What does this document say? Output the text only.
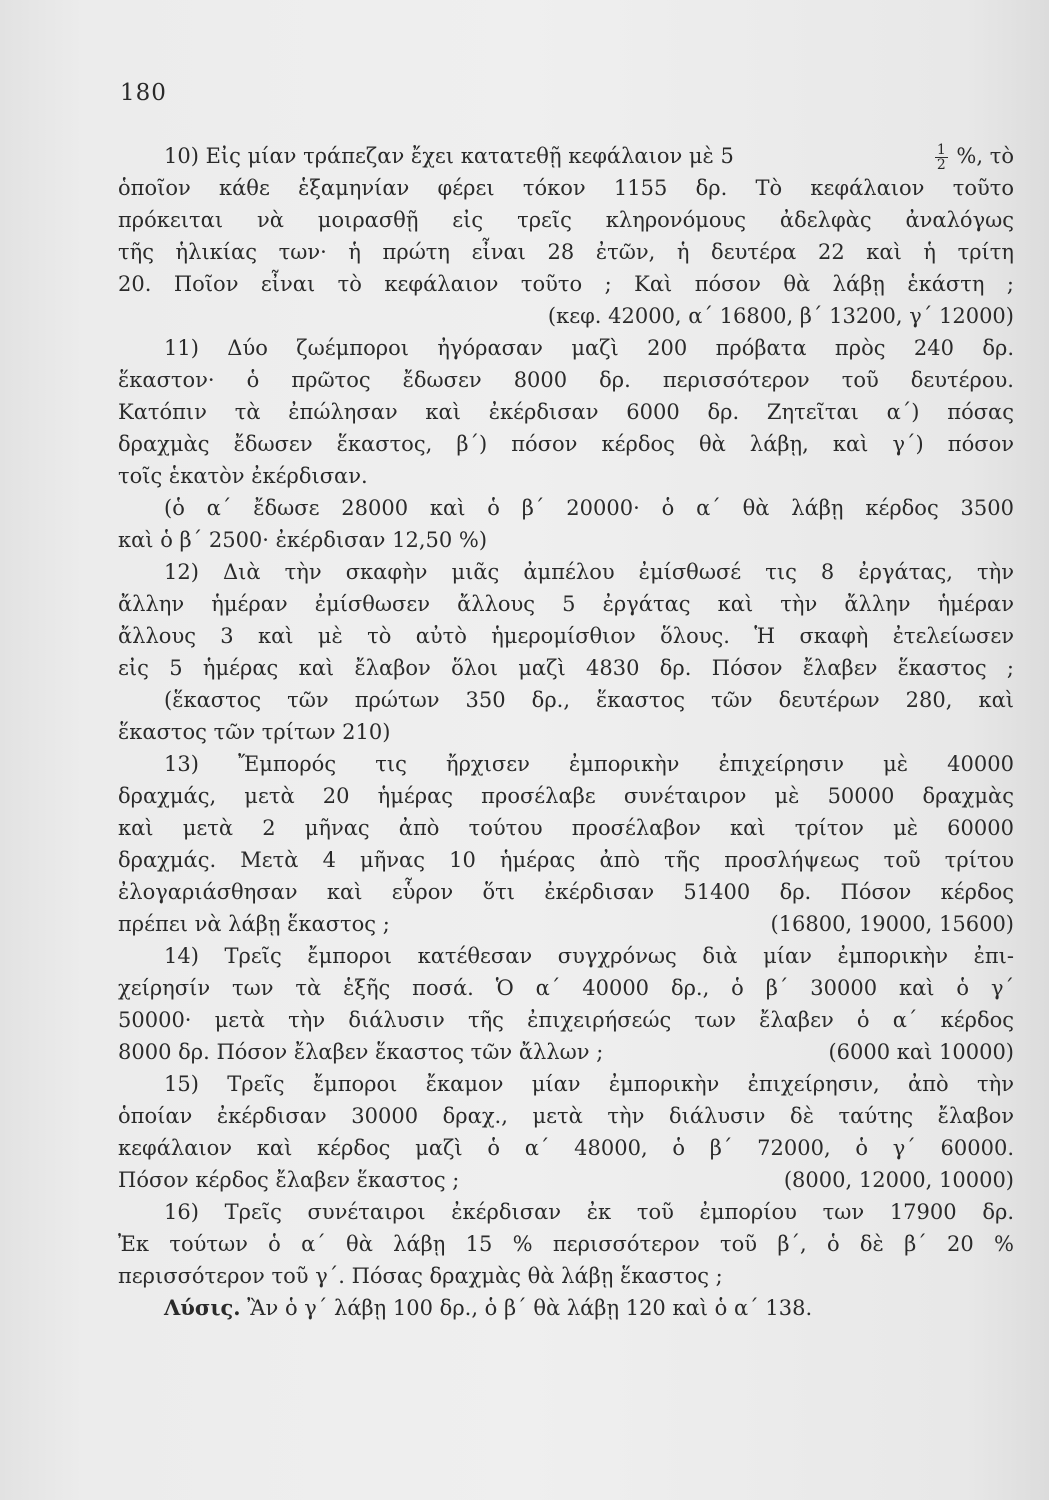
180
10) Εἰς μίαν τράπεζαν ἔχει κατατεθῇ κεφάλαιον μὲ 5	$\frac{1}{2}$ %, τὸ
ὁποῖον κάθε ἑξαμηνίαν φέρει τόκον 1155 δρ. Τὸ κεφάλαιον τοῦτο
πρόκειται νὰ μοιρασθῇ εἰς τρεῖς κληρονόμους ἀδελφὰς ἀναλόγως
τῆς ἡλικίας των· ἡ πρώτη εἶναι 28 ἐτῶν, ἡ δευτέρα 22 καὶ ἡ τρίτη
20. Ποῖον εἶναι τὸ κεφάλαιον τοῦτο ; Καὶ πόσον θὰ λάβῃ ἑκάστη ;
(κεφ. 42000, α΄ 16800, β΄ 13200, γ΄ 12000)
11) Δύο ζωέμποροι ἠγόρασαν μαζὶ 200 πρόβατα πρὸς 240 δρ.
ἕκαστον· ὁ πρῶτος ἔδωσεν 8000 δρ. περισσότερον τοῦ δευτέρου.
Κατόπιν τὰ ἐπώλησαν καὶ ἐκέρδισαν 6000 δρ. Ζητεῖται α΄) πόσας
δραχμὰς ἔδωσεν ἕκαστος, β΄) πόσον κέρδος θὰ λάβῃ, καὶ γ΄) πόσον
τοῖς ἑκατὸν ἐκέρδισαν.
(ὁ α΄ ἔδωσε 28000 καὶ ὁ β΄ 20000· ὁ α΄ θὰ λάβῃ κέρδος 3500
καὶ ὁ β΄ 2500· ἐκέρδισαν 12,50 %)
12) Διὰ τὴν σκαφὴν μιᾶς ἀμπέλου ἐμίσθωσέ τις 8 ἐργάτας, τὴν
ἄλλην ἡμέραν ἐμίσθωσεν ἄλλους 5 ἐργάτας καὶ τὴν ἄλλην ἡμέραν
ἄλλους 3 καὶ μὲ τὸ αὐτὸ ἡμερομίσθιον ὅλους. Ἡ σκαφὴ ἐτελείωσεν
εἰς 5 ἡμέρας καὶ ἔλαβον ὅλοι μαζὶ 4830 δρ. Πόσον ἔλαβεν ἕκαστος ;
(ἕκαστος τῶν πρώτων 350 δρ., ἕκαστος τῶν δευτέρων 280, καὶ
ἕκαστος τῶν τρίτων 210)
13) Ἔμπορός τις ἤρχισεν ἐμπορικὴν ἐπιχείρησιν μὲ 40000
δραχμάς, μετὰ 20 ἡμέρας προσέλαβε συνέταιρον μὲ 50000 δραχμὰς
καὶ μετὰ 2 μῆνας ἀπὸ τούτου προσέλαβον καὶ τρίτον μὲ 60000
δραχμάς. Μετὰ 4 μῆνας 10 ἡμέρας ἀπὸ τῆς προσλήψεως τοῦ τρίτου
ἐλογαριάσθησαν καὶ εὗρον ὅτι ἐκέρδισαν 51400 δρ. Πόσον κέρδος
πρέπει νὰ λάβῃ ἕκαστος ;	(16800, 19000, 15600)
14) Τρεῖς ἔμποροι κατέθεσαν συγχρόνως διὰ μίαν ἐμπορικὴν ἐπι-
χείρησίν των τὰ ἑξῆς ποσά. Ὁ α΄ 40000 δρ., ὁ β΄ 30000 καὶ ὁ γ΄
50000· μετὰ τὴν διάλυσιν τῆς ἐπιχειρήσεώς των ἔλαβεν ὁ α΄ κέρδος
8000 δρ. Πόσον ἔλαβεν ἕκαστος τῶν ἄλλων ;	(6000 καὶ 10000)
15) Τρεῖς ἔμποροι ἔκαμον μίαν ἐμπορικὴν ἐπιχείρησιν, ἀπὸ τὴν
ὁποίαν ἐκέρδισαν 30000 δραχ., μετὰ τὴν διάλυσιν δὲ ταύτης ἔλαβον
κεφάλαιον καὶ κέρδος μαζὶ ὁ α΄ 48000, ὁ β΄ 72000, ὁ γ΄ 60000.
Πόσον κέρδος ἔλαβεν ἕκαστος ;	(8000, 12000, 10000)
16) Τρεῖς συνέταιροι ἐκέρδισαν ἐκ τοῦ ἐμπορίου των 17900 δρ.
Ἐκ τούτων ὁ α΄ θὰ λάβῃ 15 % περισσότερον τοῦ β΄, ὁ δὲ β΄ 20 %
περισσότερον τοῦ γ΄. Πόσας δραχμὰς θὰ λάβῃ ἕκαστος ;
Λύσις. Ἂν ὁ γ΄ λάβῃ 100 δρ., ὁ β΄ θὰ λάβῃ 120 καὶ ὁ α΄ 138.
